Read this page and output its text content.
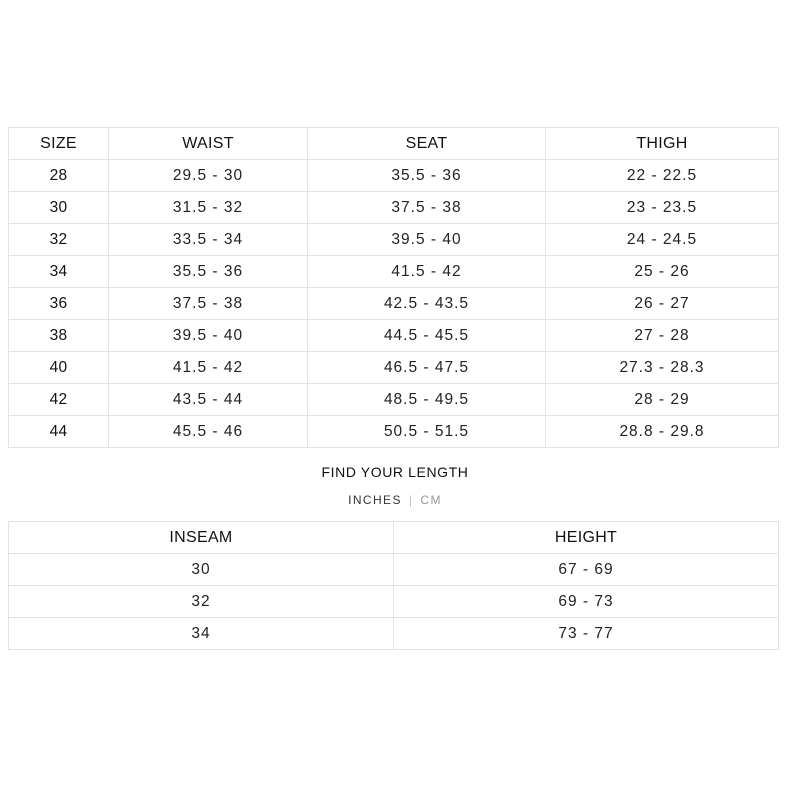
SIZE	WAIST	SEAT	THIGH
28	29.5 - 30	35.5 - 36	22 - 22.5
30	31.5 - 32	37.5 - 38	23 - 23.5
32	33.5 - 34	39.5 - 40	24 - 24.5
34	35.5 - 36	41.5 - 42	25 - 26
36	37.5 - 38	42.5 - 43.5	26 - 27
38	39.5 - 40	44.5 - 45.5	27 - 28
40	41.5 - 42	46.5 - 47.5	27.3 - 28.3
42	43.5 - 44	48.5 - 49.5	28 - 29
44	45.5 - 46	50.5 - 51.5	28.8 - 29.8
FIND YOUR LENGTH
INCHES | CM
INSEAM	HEIGHT
30	67 - 69
32	69 - 73
34	73 - 77
